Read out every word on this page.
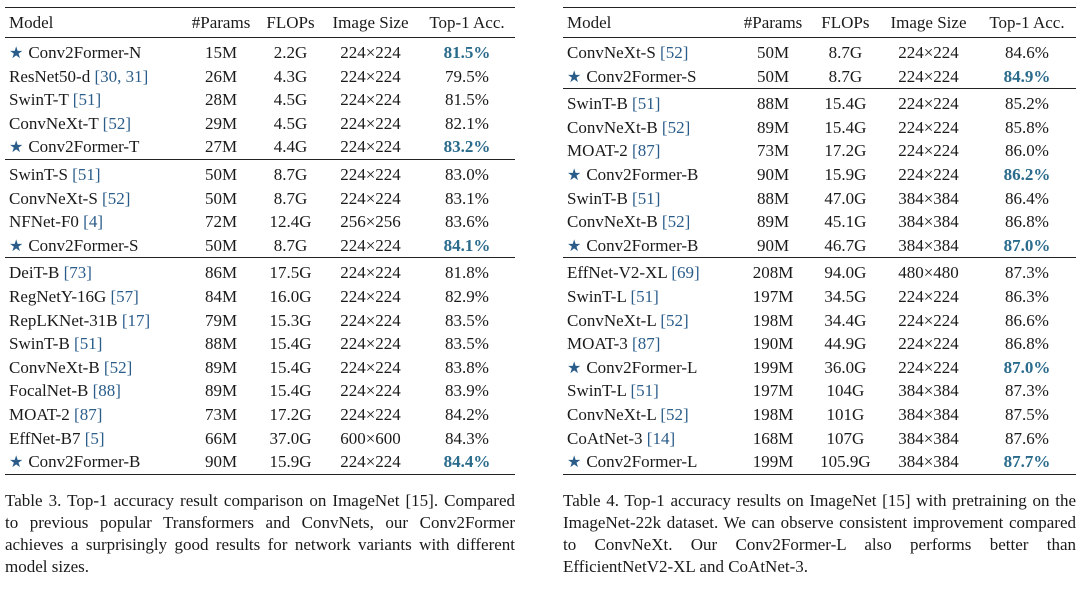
Model	#Params	FLOPs	Image Size	Top-1 Acc.
★ Conv2Former-N	15M	2.2G	224×224	81.5%
ResNet50-d [30, 31]	26M	4.3G	224×224	79.5%
SwinT-T [51]	28M	4.5G	224×224	81.5%
ConvNeXt-T [52]	29M	4.5G	224×224	82.1%
★ Conv2Former-T	27M	4.4G	224×224	83.2%
SwinT-S [51]	50M	8.7G	224×224	83.0%
ConvNeXt-S [52]	50M	8.7G	224×224	83.1%
NFNet-F0 [4]	72M	12.4G	256×256	83.6%
★ Conv2Former-S	50M	8.7G	224×224	84.1%
DeiT-B [73]	86M	17.5G	224×224	81.8%
RegNetY-16G [57]	84M	16.0G	224×224	82.9%
RepLKNet-31B [17]	79M	15.3G	224×224	83.5%
SwinT-B [51]	88M	15.4G	224×224	83.5%
ConvNeXt-B [52]	89M	15.4G	224×224	83.8%
FocalNet-B [88]	89M	15.4G	224×224	83.9%
MOAT-2 [87]	73M	17.2G	224×224	84.2%
EffNet-B7 [5]	66M	37.0G	600×600	84.3%
★ Conv2Former-B	90M	15.9G	224×224	84.4%
Table 3. Top-1 accuracy result comparison on ImageNet [15]. Compared to previous popular Transformers and ConvNets, our Conv2Former achieves a surprisingly good results for network variants with different model sizes.
Model	#Params	FLOPs	Image Size	Top-1 Acc.
ConvNeXt-S [52]	50M	8.7G	224×224	84.6%
★ Conv2Former-S	50M	8.7G	224×224	84.9%
SwinT-B [51]	88M	15.4G	224×224	85.2%
ConvNeXt-B [52]	89M	15.4G	224×224	85.8%
MOAT-2 [87]	73M	17.2G	224×224	86.0%
★ Conv2Former-B	90M	15.9G	224×224	86.2%
SwinT-B [51]	88M	47.0G	384×384	86.4%
ConvNeXt-B [52]	89M	45.1G	384×384	86.8%
★ Conv2Former-B	90M	46.7G	384×384	87.0%
EffNet-V2-XL [69]	208M	94.0G	480×480	87.3%
SwinT-L [51]	197M	34.5G	224×224	86.3%
ConvNeXt-L [52]	198M	34.4G	224×224	86.6%
MOAT-3 [87]	190M	44.9G	224×224	86.8%
★ Conv2Former-L	199M	36.0G	224×224	87.0%
SwinT-L [51]	197M	104G	384×384	87.3%
ConvNeXt-L [52]	198M	101G	384×384	87.5%
CoAtNet-3 [14]	168M	107G	384×384	87.6%
★ Conv2Former-L	199M	105.9G	384×384	87.7%
Table 4. Top-1 accuracy results on ImageNet [15] with pretraining on the ImageNet-22k dataset. We can observe consistent improvement compared to ConvNeXt. Our Conv2Former-L also performs better than EfficientNetV2-XL and CoAtNet-3.
